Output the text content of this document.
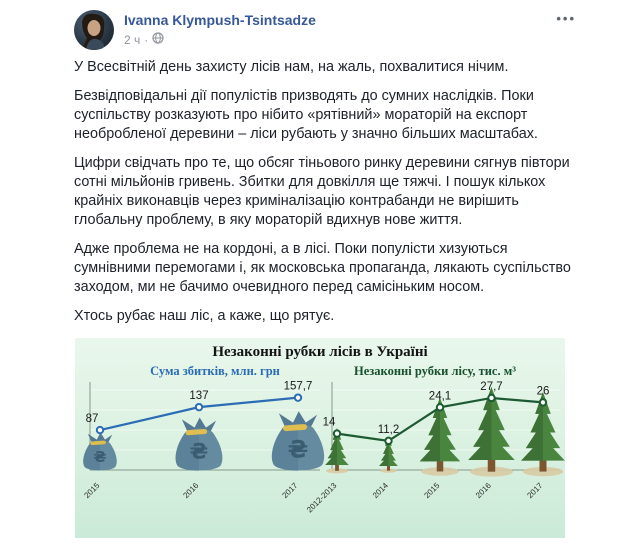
Ivanna Klympush-Tsintsadze
2 ч ·
•••

У Всесвітній день захисту лісів нам, на жаль, похвалитися нічим.

Безвідповідальні дії популістів призводять до сумних наслідків. Поки суспільству розказують про нібито «рятівний» мораторій на експорт необробленої деревини – ліси рубають у значно більших масштабах.

Цифри свідчать про те, що обсяг тіньового ринку деревини сягнув півтори сотні мільйонів гривень. Збитки для довкілля ще тяжчі. І пошук кількох крайніх виконавців через криміналізацію контрабанди не вирішить глобальну проблему, в яку мораторій вдихнув нове життя.

Адже проблема не на кордоні, а в лісі. Поки популісти хизуються сумнівними перемогами і, як московська пропаганда, лякають суспільство заходом, ми не бачимо очевидного перед самісіньким носом.

Хтось рубає наш ліс, а каже, що рятує.

Незаконні рубки лісів в Україні
Сума збитків, млн. грн
₴ ₴ ₴
87
137
157,7
2015	2016	2017
Незаконні рубки лісу, тис. м³
14
11,2
24,1
27,7	26
2012-2013	2014	2015	2016	2017
